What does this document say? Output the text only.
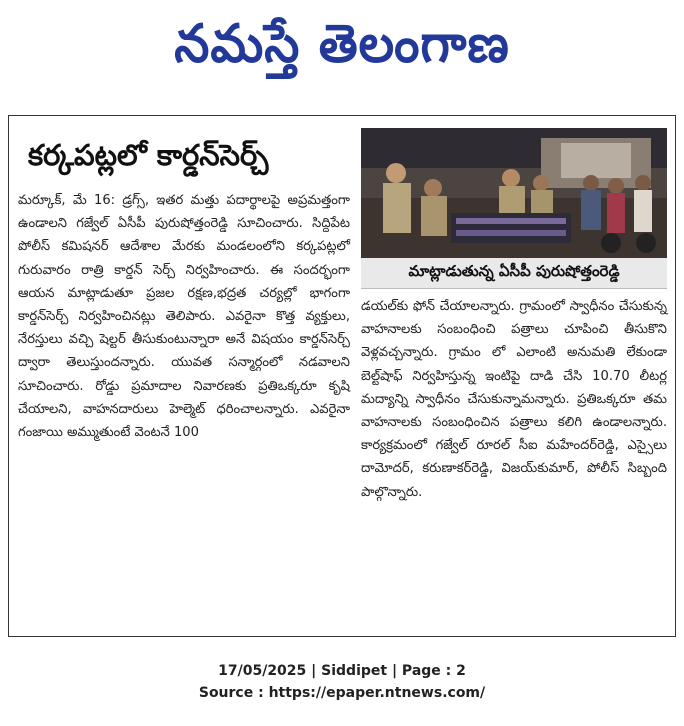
నమస్తే తెలంగాణ
కర్కపట్లలో కార్డన్‌సెర్చ్

మర్కూక్, మే 16: డ్రగ్స్, ఇతర మత్తు పదార్థాలపై అప్రమత్తంగా ఉండాలని గజ్వేల్ ఏసీపీ పురుషోత్తంరెడ్డి సూచించారు. సిద్దిపేట పోలీస్ కమిషనర్ ఆదేశాల మేరకు మండలంలోని కర్కపట్లలో గురువారం రాత్రి కార్డన్ సెర్చ్ నిర్వహించారు. ఈ సందర్భంగా ఆయన మాట్లాడుతూ ప్రజల రక్షణ,భద్రత చర్యల్లో భాగంగా కార్డన్‌సెర్చ్ నిర్వహించినట్లు తెలిపారు. ఎవరైనా కొత్త వ్యక్తులు, నేరస్తులు వచ్చి షెల్టర్ తీసుకుంటున్నారా అనే విషయం కార్డన్‌సెర్చ్ ద్వారా తెలుస్తుందన్నారు. యువత సన్మార్గంలో నడవాలని సూచించారు. రోడ్డు ప్రమాదాల నివారణకు ప్రతిఒక్కరూ కృషి చేయాలని, వాహనదారులు హెల్మెట్ ధరించాలన్నారు. ఎవరైనా గంజాయి అమ్ముతుంటే వెంటనే 100

మాట్లాడుతున్న ఏసీపీ పురుషోత్తంరెడ్డి

డయల్‌కు ఫోన్ చేయాలన్నారు. గ్రామంలో స్వాధీనం చేసుకున్న వాహనాలకు సంబంధించి పత్రాలు చూపించి తీసుకొని వెళ్లవచ్చన్నారు. గ్రామం లో ఎలాంటి అనుమతి లేకుండా బెల్ట్‌షాఫ్ నిర్వహిస్తున్న ఇంటిపై దాడి చేసి 10.70 లీటర్ల మద్యాన్ని స్వాధీనం చేసుకున్నామన్నారు. ప్రతిఒక్కరూ తమ వాహనాలకు సంబంధించిన పత్రాలు కలిగి ఉండాలన్నారు. కార్యక్రమంలో గజ్వేల్ రూరల్ సీఐ మహేందర్‌రెడ్డి, ఎస్సైలు దామోదర్, కరుణాకర్‌రెడ్డి, విజయ్‌కుమార్, పోలీస్ సిబ్బంది పాల్గొన్నారు.

17/05/2025 | Siddipet | Page : 2
Source : https://epaper.ntnews.com/
